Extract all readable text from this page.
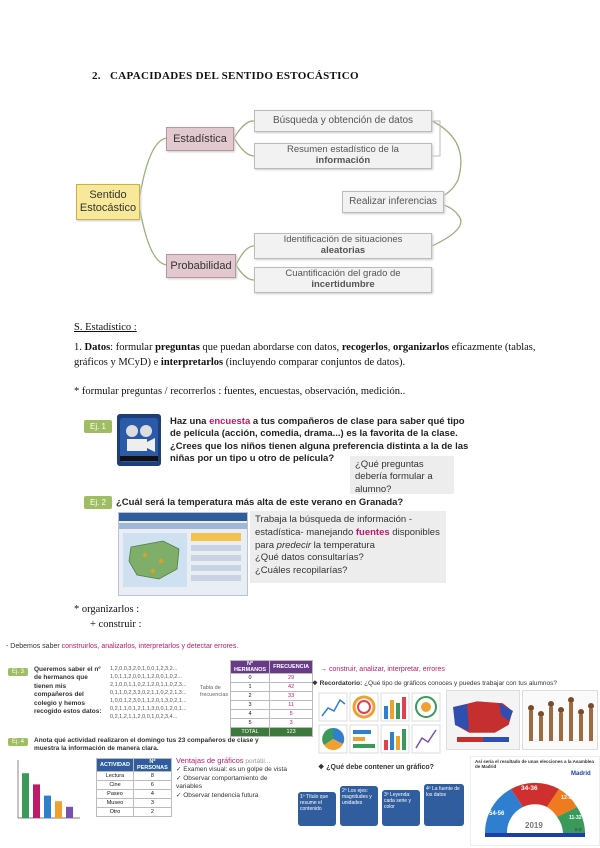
2. CAPACIDADES DEL SENTIDO ESTOCÁSTICO
Sentido
Estocástico
Estadística
Probabilidad
Búsqueda y obtención de datos
Resumen estadístico de la
información
Realizar inferencias
Identificación de situaciones
aleatorias
Cuantificación del grado de
incertidumbre
S. Estadístico :
1. Datos: formular preguntas que puedan abordarse con datos, recogerlos, organizarlos eficazmente (tablas, gráficos y MCyD) e interpretarlos (incluyendo comparar conjuntos de datos).
* formular preguntas / recorrerlos : fuentes, encuestas, observación, medición..
Ej. 1	Haz una encuesta a tus compañeros de clase para saber qué tipo
de película (acción, comedia, drama...) es la favorita de la clase.
¿Crees que los niños tienen alguna preferencia distinta a la de las
niñas por un tipo u otro de película?
¿Qué preguntas
debería formular a
alumno?
Ej. 2	¿Cuál será la temperatura más alta de este verano en Granada?
Trabaja la búsqueda de información -
estadística- manejando fuentes disponibles
para predecir la temperatura
¿Qué datos consultarías?
¿Cuáles recopilarías?
* organizarlos :
+ construir :
- Debemos saber construirlos, analizarlos, interpretarlos y detectar errores.
Ej. 3	Queremos saber el nº
de hermanos que
tienen mis
compañeros del
colegio y hemos
recogido estos datos:
1,2,0,0,3,2,0,1,0,0,1,2,3,2...
1,0,1,1,2,0,0,1,1,2,0,0,1,0,2...
2,1,0,0,1,1,0,2,1,2,0,1,1,0,2,3...
0,1,1,0,2,3,3,0,2,1,1,0,2,2,1,3...
1,0,0,1,2,3,0,1,1,2,0,1,3,0,2,1...
0,2,1,1,0,1,2,1,1,3,0,0,1,2,0,1...
0,2,1,2,1,1,2,0,0,1,0,2,3,4...
Tabla de
frecuencias
Nº HERMANOS	FRECUENCIA
0	29
1	42
2	33
3	11
4	5
5	3
TOTAL	123
Ej. 4	Anota qué actividad realizaron el domingo tus 23 compañeros de clase y
muestra la información de manera clara.
ACTIVIDAD	Nº PERSONAS
Lectura	8
Cine	6
Paseo	4
Museo	3
Otro	2
Ventajas de gráficos portátil...
✓ Examen visual: es un golpe de vista
✓ Observar comportamiento de
variables
✓ Observar tendencia futura
→ construir, analizar, interpretar, errores
❖ Recordatorio: ¿Qué tipo de gráficos conoces y puedes trabajar con tus alumnos?
❖ ¿Qué debe contener un gráfico?
1º Título que resume el contenido
2º Los ejes: magnitudes y unidades
3º Leyenda: cada serie y color
4º La fuente de los datos
Así sería el resultado de unas elecciones a la Asamblea de Madrid
34-36
12-24
54-56
11-32
0-2
2019
Madrid
